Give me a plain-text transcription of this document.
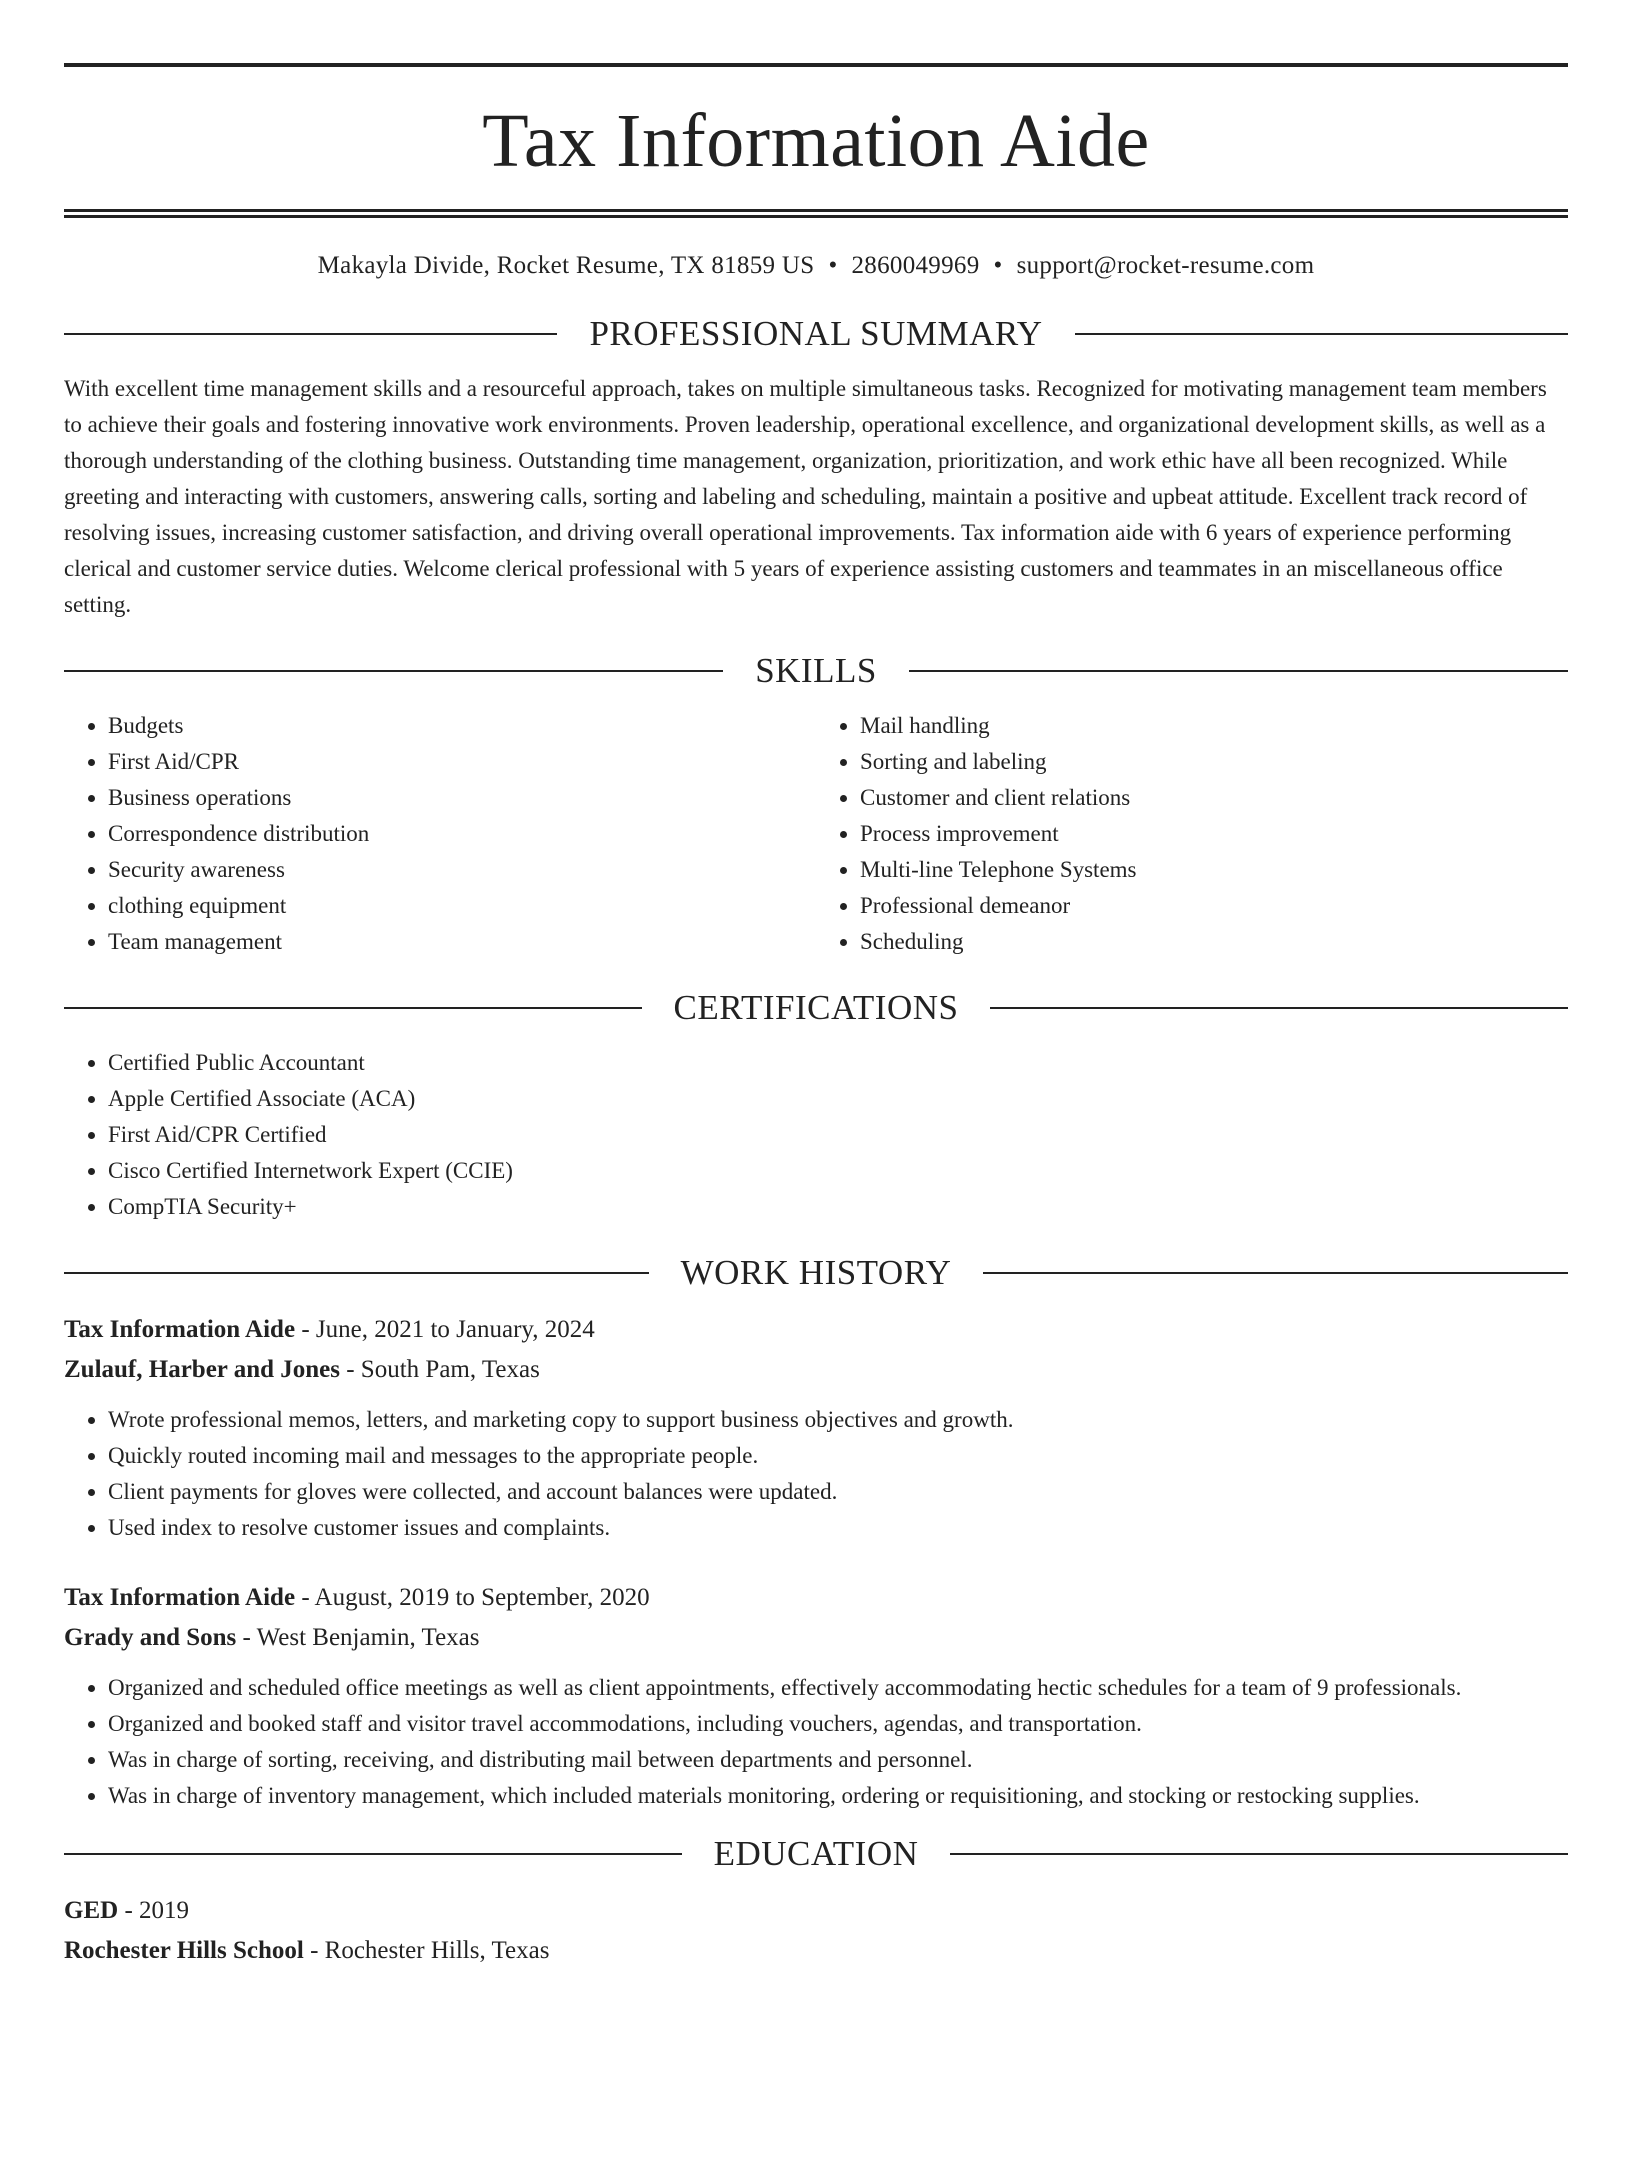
Tax Information Aide
Makayla Divide, Rocket Resume, TX 81859 US • 2860049969 • support@rocket-resume.com
PROFESSIONAL SUMMARY
With excellent time management skills and a resourceful approach, takes on multiple simultaneous tasks. Recognized for motivating management team members to achieve their goals and fostering innovative work environments. Proven leadership, operational excellence, and organizational development skills, as well as a thorough understanding of the clothing business. Outstanding time management, organization, prioritization, and work ethic have all been recognized. While greeting and interacting with customers, answering calls, sorting and labeling and scheduling, maintain a positive and upbeat attitude. Excellent track record of resolving issues, increasing customer satisfaction, and driving overall operational improvements. Tax information aide with 6 years of experience performing clerical and customer service duties. Welcome clerical professional with 5 years of experience assisting customers and teammates in an miscellaneous office setting.
SKILLS
• Budgets
• First Aid/CPR
• Business operations
• Correspondence distribution
• Security awareness
• clothing equipment
• Team management
• Mail handling
• Sorting and labeling
• Customer and client relations
• Process improvement
• Multi-line Telephone Systems
• Professional demeanor
• Scheduling
CERTIFICATIONS
• Certified Public Accountant
• Apple Certified Associate (ACA)
• First Aid/CPR Certified
• Cisco Certified Internetwork Expert (CCIE)
• CompTIA Security+
WORK HISTORY
Tax Information Aide - June, 2021 to January, 2024
Zulauf, Harber and Jones - South Pam, Texas
• Wrote professional memos, letters, and marketing copy to support business objectives and growth.
• Quickly routed incoming mail and messages to the appropriate people.
• Client payments for gloves were collected, and account balances were updated.
• Used index to resolve customer issues and complaints.
Tax Information Aide - August, 2019 to September, 2020
Grady and Sons - West Benjamin, Texas
• Organized and scheduled office meetings as well as client appointments, effectively accommodating hectic schedules for a team of 9 professionals.
• Organized and booked staff and visitor travel accommodations, including vouchers, agendas, and transportation.
• Was in charge of sorting, receiving, and distributing mail between departments and personnel.
• Was in charge of inventory management, which included materials monitoring, ordering or requisitioning, and stocking or restocking supplies.
EDUCATION
GED - 2019
Rochester Hills School - Rochester Hills, Texas
